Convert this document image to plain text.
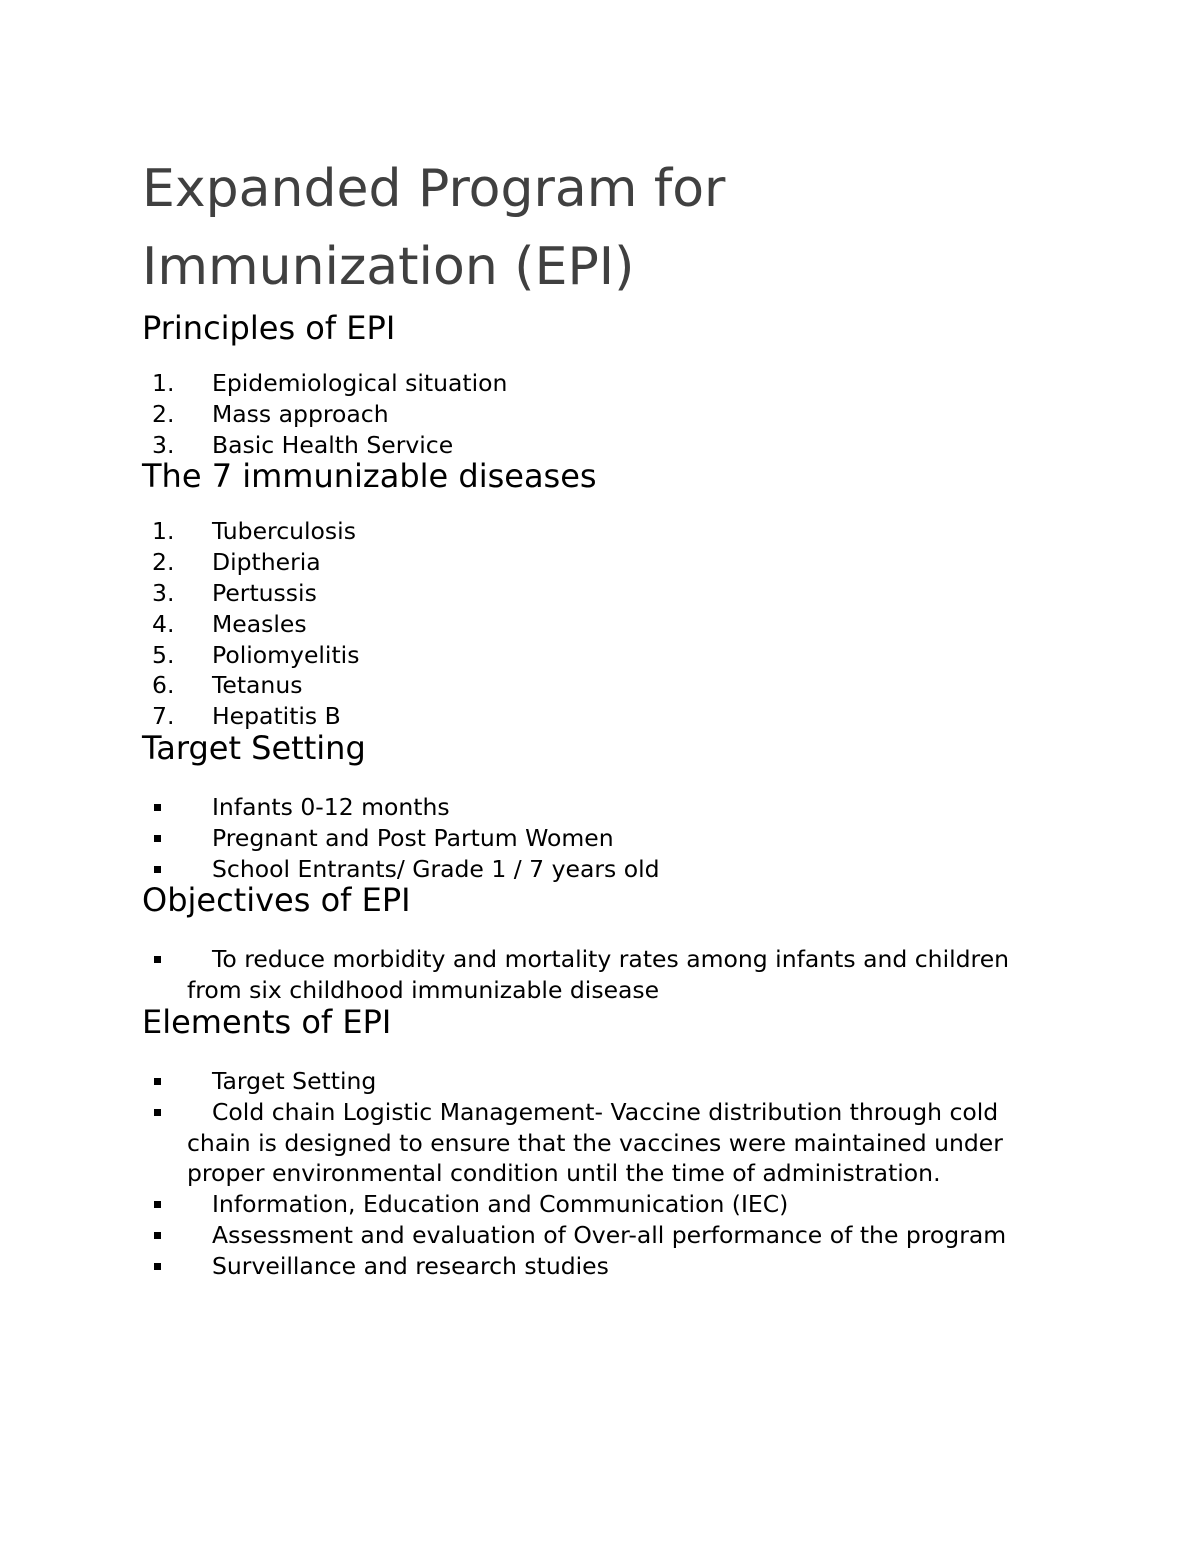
Expanded Program for
Immunization (EPI)
Principles of EPI
1. Epidemiological situation
2. Mass approach
3. Basic Health Service
The 7 immunizable diseases
1. Tuberculosis
2. Diptheria
3. Pertussis
4. Measles
5. Poliomyelitis
6. Tetanus
7. Hepatitis B
Target Setting
Infants 0-12 months
Pregnant and Post Partum Women
School Entrants/ Grade 1 / 7 years old
Objectives of EPI
To reduce morbidity and mortality rates among infants and children from six childhood immunizable disease
Elements of EPI
Target Setting
Cold chain Logistic Management- Vaccine distribution through cold chain is designed to ensure that the vaccines were maintained under proper environmental condition until the time of administration.
Information, Education and Communication (IEC)
Assessment and evaluation of Over-all performance of the program
Surveillance and research studies
